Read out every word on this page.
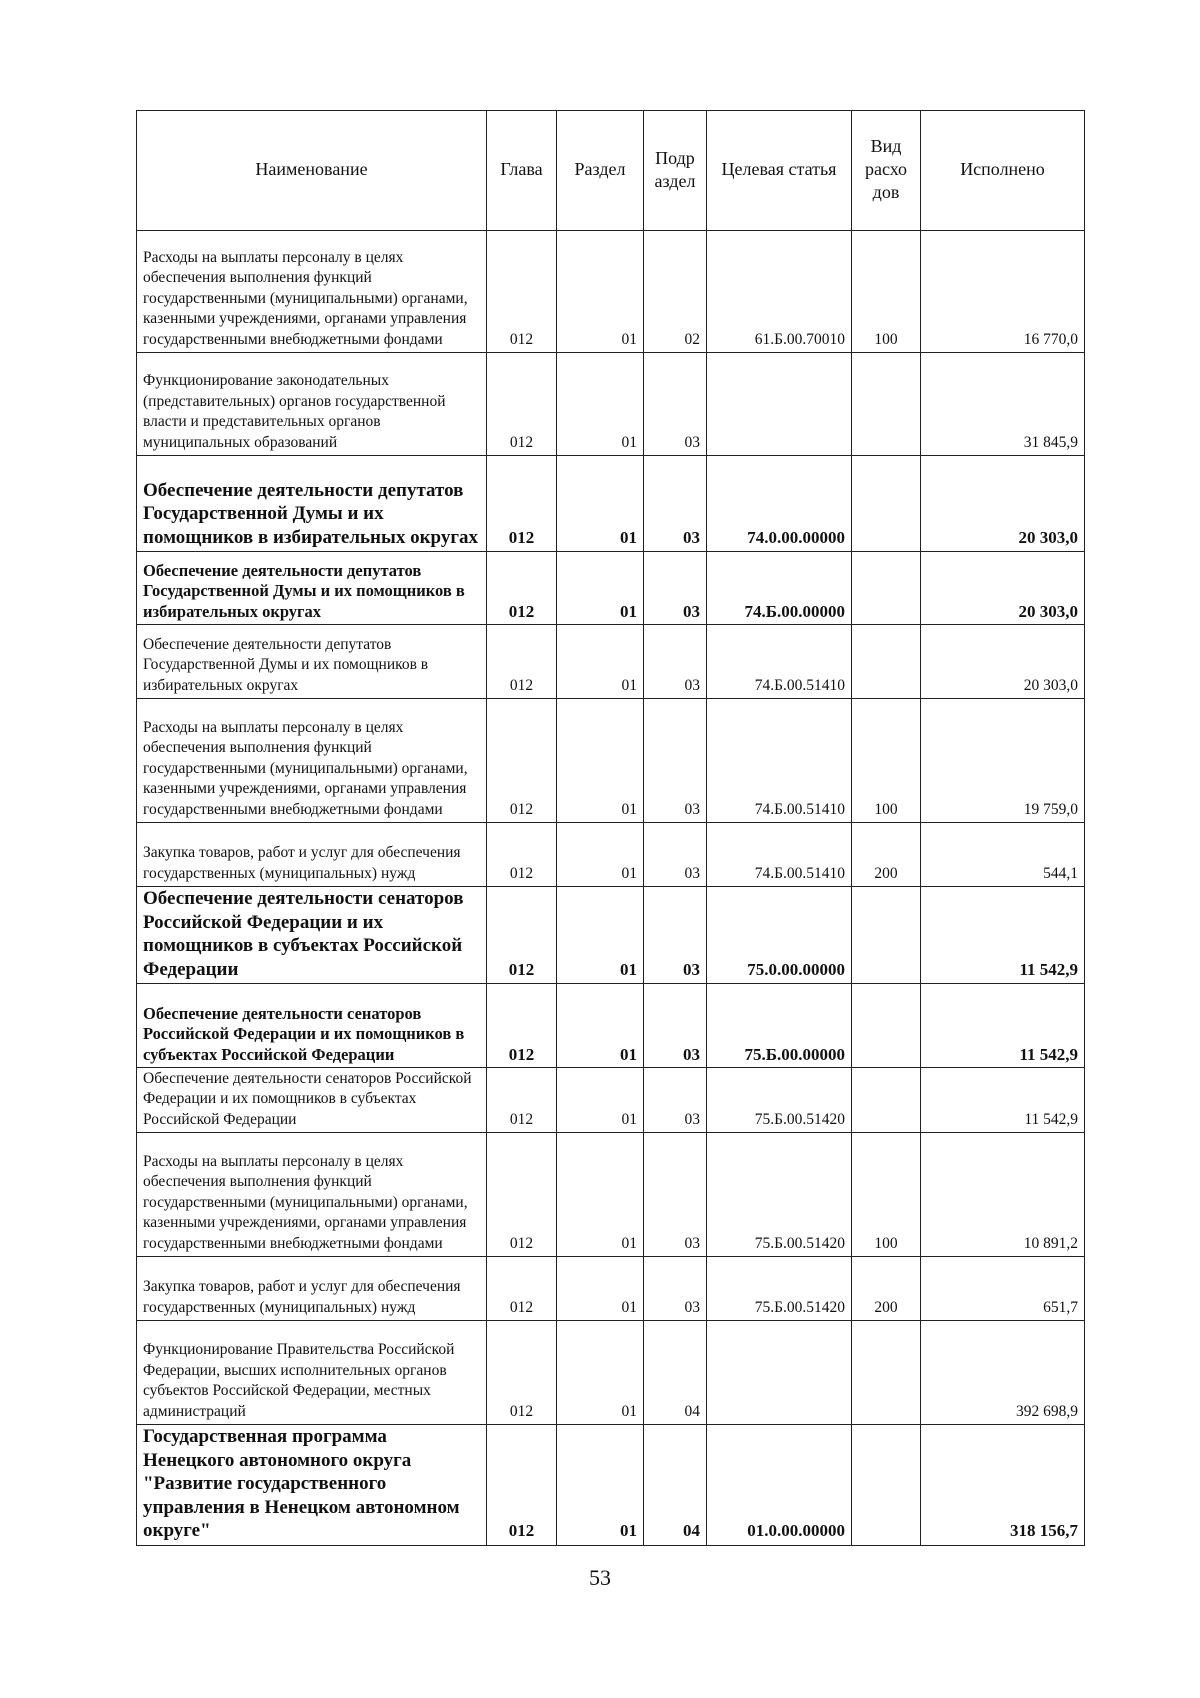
Наименование	Глава	Раздел	Подр аздел	Целевая статья	Вид расхо дов	Исполнено
Расходы на выплаты персоналу в целях обеспечения выполнения функций государственными (муниципальными) органами, казенными учреждениями, органами управления государственными внебюджетными фондами	012	01	02	61.Б.00.70010	100	16 770,0
Функционирование законодательных (представительных) органов государственной власти и представительных органов муниципальных образований	012	01	03			31 845,9
Обеспечение деятельности депутатов Государственной Думы и их помощников в избирательных округах	012	01	03	74.0.00.00000		20 303,0
Обеспечение деятельности депутатов Государственной Думы и их помощников в избирательных округах	012	01	03	74.Б.00.00000		20 303,0
Обеспечение деятельности депутатов Государственной Думы и их помощников в избирательных округах	012	01	03	74.Б.00.51410		20 303,0
Расходы на выплаты персоналу в целях обеспечения выполнения функций государственными (муниципальными) органами, казенными учреждениями, органами управления государственными внебюджетными фондами	012	01	03	74.Б.00.51410	100	19 759,0
Закупка товаров, работ и услуг для обеспечения государственных (муниципальных) нужд	012	01	03	74.Б.00.51410	200	544,1
Обеспечение деятельности сенаторов Российской Федерации и их помощников в субъектах Российской Федерации	012	01	03	75.0.00.00000		11 542,9
Обеспечение деятельности сенаторов Российской Федерации и их помощников в субъектах Российской Федерации	012	01	03	75.Б.00.00000		11 542,9
Обеспечение деятельности сенаторов Российской Федерации и их помощников в субъектах Российской Федерации	012	01	03	75.Б.00.51420		11 542,9
Расходы на выплаты персоналу в целях обеспечения выполнения функций государственными (муниципальными) органами, казенными учреждениями, органами управления государственными внебюджетными фондами	012	01	03	75.Б.00.51420	100	10 891,2
Закупка товаров, работ и услуг для обеспечения государственных (муниципальных) нужд	012	01	03	75.Б.00.51420	200	651,7
Функционирование Правительства Российской Федерации, высших исполнительных органов субъектов Российской Федерации, местных администраций	012	01	04			392 698,9
Государственная программа Ненецкого автономного округа "Развитие государственного управления в Ненецком автономном округе"	012	01	04	01.0.00.00000		318 156,7
53
